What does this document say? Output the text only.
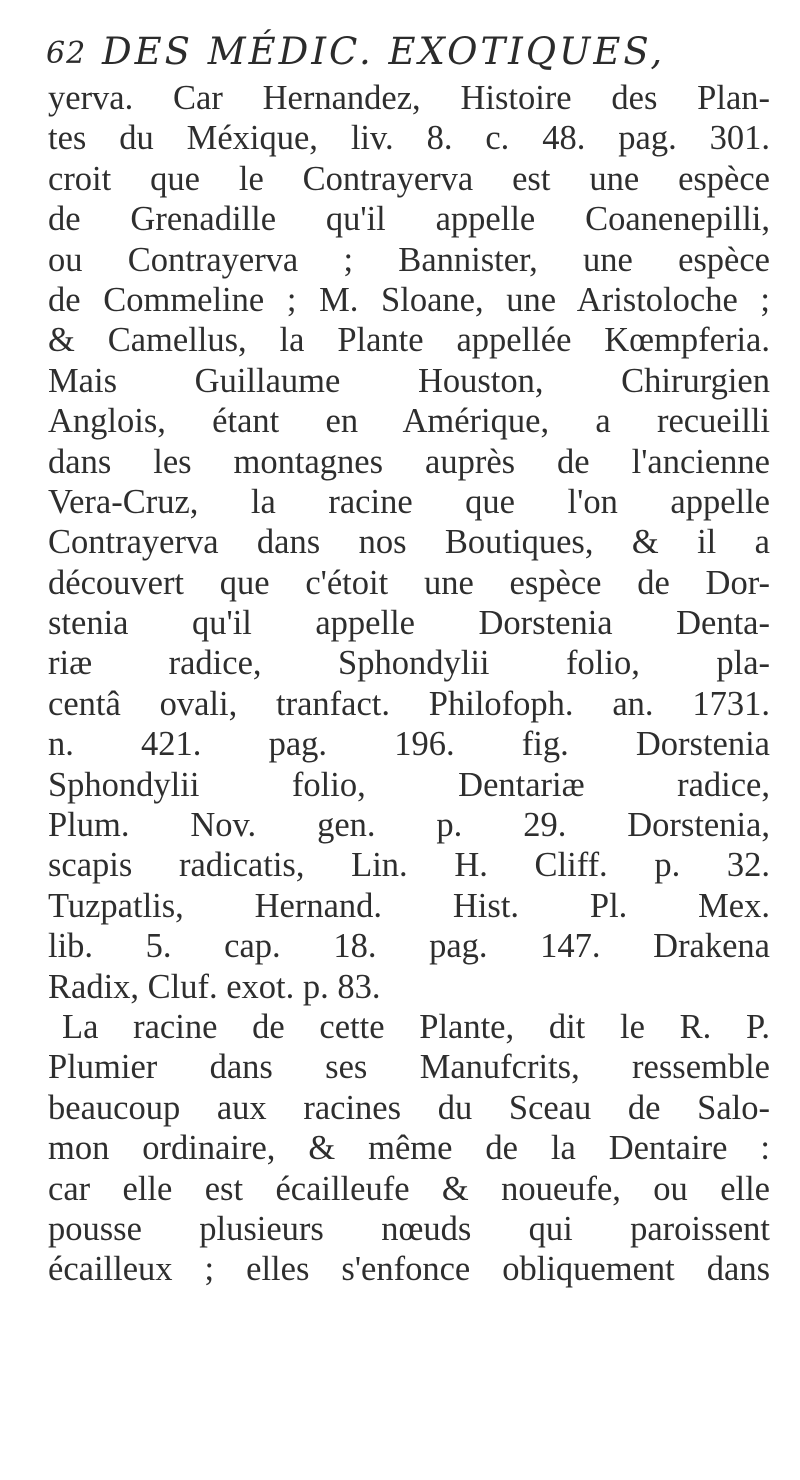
62 DES MÉDIC. EXOTIQUES,
yerva. Car Hernandez, Histoire des Plan-
tes du Méxique, liv. 8. c. 48. pag. 301.
croit que le Contrayerva est une espèce
de Grenadille qu'il appelle Coanenepilli,
ou Contrayerva ; Bannister, une espèce
de Commeline ; M. Sloane, une Aristoloche ;
& Camellus, la Plante appellée Kœmpferia.
Mais Guillaume Houston, Chirurgien
Anglois, étant en Amérique, a recueilli
dans les montagnes auprès de l'ancienne
Vera-Cruz, la racine que l'on appelle
Contrayerva dans nos Boutiques, & il a
découvert que c'étoit une espèce de Dor-
stenia qu'il appelle Dorstenia Denta-
riæ radice, Sphondylii folio, pla-
centâ ovali, tranfact. Philofoph. an. 1731.
n. 421. pag. 196. fig. Dorstenia
Sphondylii folio, Dentariæ radice,
Plum. Nov. gen. p. 29. Dorstenia,
scapis radicatis, Lin. H. Cliff. p. 32.
Tuzpatlis, Hernand. Hist. Pl. Mex.
lib. 5. cap. 18. pag. 147. Drakena
Radix, Cluf. exot. p. 83.
La racine de cette Plante, dit le R. P.
Plumier dans ses Manufcrits, ressemble
beaucoup aux racines du Sceau de Salo-
mon ordinaire, & même de la Dentaire :
car elle est écailleufe & noueufe, ou elle
pousse plusieurs nœuds qui paroissent
écailleux ; elles s'enfonce obliquement dans
